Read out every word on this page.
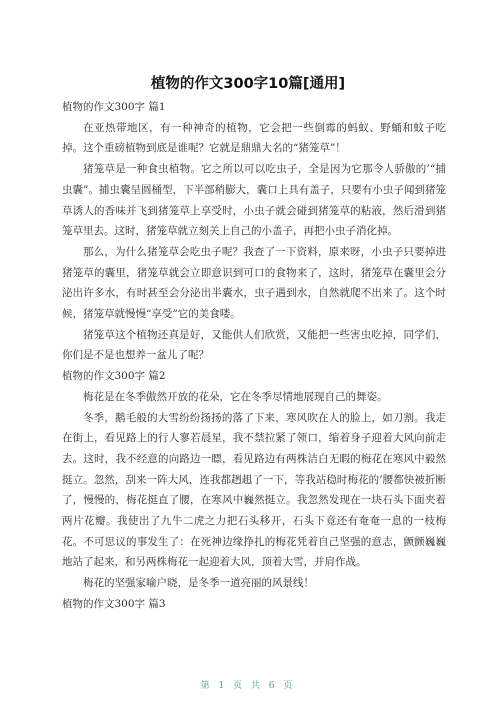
植物的作文300字10篇[通用]

植物的作文300字 篇1

在亚热带地区，有一种神奇的植物，它会把一些倒霉的蚂蚁、野蛹和蚊子吃掉。这个重磅植物到底是谁呢？它就是鼎鼎大名的“猪笼草”！

猪笼草是一种食虫植物。它之所以可以吃虫子，全是因为它那令人骄傲的’“捕虫囊”。捕虫囊呈圆桶型，下半部稍膨大，囊口上具有盖子，只要有小虫子闻到猪笼草诱人的香味并飞到猪笼草上享受时，小虫子就会碰到猪笼草的粘液，然后滑到猪笼草里去。这时，猪笼草就立刻关上自己的小盖子，再把小虫子消化掉。

那么，为什么猪笼草会吃虫子呢？我查了一下资料，原来呀，小虫子只要掉进猪笼草的囊里，猪笼草就会立即意识到可口的食物来了，这时，猪笼草在囊里会分泌出许多水，有时甚至会分泌出半囊水，虫子遇到水，自然就爬不出来了。这个时候，猪笼草就慢慢“享受”它的美食喽。

猪笼草这个植物还真是好，又能供人们欣赏，又能把一些害虫吃掉，同学们，你们是不是也想养一盆儿了呢？

植物的作文300字 篇2

梅花是在冬季傲然开放的花朵，它在冬季尽情地展现自己的舞姿。

冬季，鹅毛般的大雪纷纷扬扬的落了下来，寒风吹在人的脸上，如刀割。我走在街上，看见路上的行人寥若晨星，我不禁拉紧了领口，缩着身子迎着大风向前走去。这时，我不经意的向路边一瞟，看见路边有两株洁白无暇的梅花在寒风中毅然挺立。忽然，刮来一阵大风，连我都趔趄了一下，等我站稳时梅花的’腰都快被折断了，慢慢的，梅花挺直了腰，在寒风中巍然挺立。我忽然发现在一块石头下面夹着两片花瓣。我使出了九牛二虎之力把石头移开，石头下竟还有奄奄一息的一枝梅花。不可思议的事发生了：在死神边缘挣扎的梅花凭着自己坚强的意志，颤颤巍巍地站了起来，和另两株梅花一起迎着大风，顶着大雪，并肩作战。

梅花的坚强家喻户晓，是冬季一道亮丽的风景线！

植物的作文300字 篇3

第 1 页 共 6 页
